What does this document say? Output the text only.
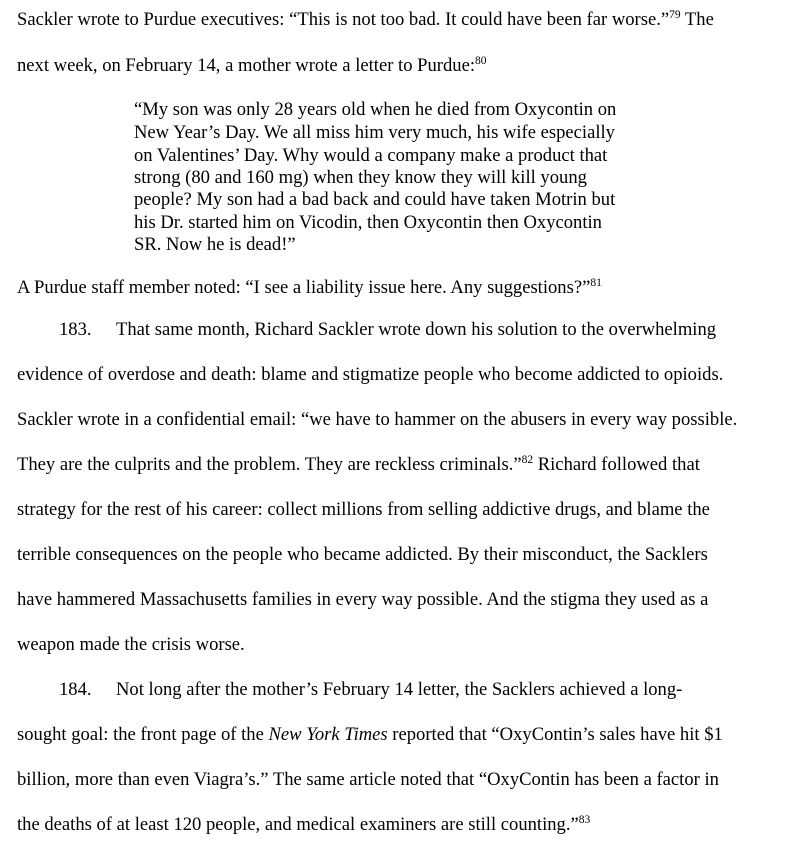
Sackler wrote to Purdue executives: “This is not too bad. It could have been far worse.”$^{79}$ The
next week, on February 14, a mother wrote a letter to Purdue:$^{80}$
“My son was only 28 years old when he died from Oxycontin on
New Year’s Day. We all miss him very much, his wife especially
on Valentines’ Day. Why would a company make a product that
strong (80 and 160 mg) when they know they will kill young
people? My son had a bad back and could have taken Motrin but
his Dr. started him on Vicodin, then Oxycontin then Oxycontin
SR. Now he is dead!”
A Purdue staff member noted: “I see a liability issue here. Any suggestions?”$^{81}$
183. That same month, Richard Sackler wrote down his solution to the overwhelming
evidence of overdose and death: blame and stigmatize people who become addicted to opioids.
Sackler wrote in a confidential email: “we have to hammer on the abusers in every way possible.
They are the culprits and the problem. They are reckless criminals.”$^{82}$ Richard followed that
strategy for the rest of his career: collect millions from selling addictive drugs, and blame the
terrible consequences on the people who became addicted. By their misconduct, the Sacklers
have hammered Massachusetts families in every way possible. And the stigma they used as a
weapon made the crisis worse.
184. Not long after the mother’s February 14 letter, the Sacklers achieved a long-
sought goal: the front page of the New York Times reported that “OxyContin’s sales have hit $1
billion, more than even Viagra’s.” The same article noted that “OxyContin has been a factor in
the deaths of at least 120 people, and medical examiners are still counting.”$^{83}$
